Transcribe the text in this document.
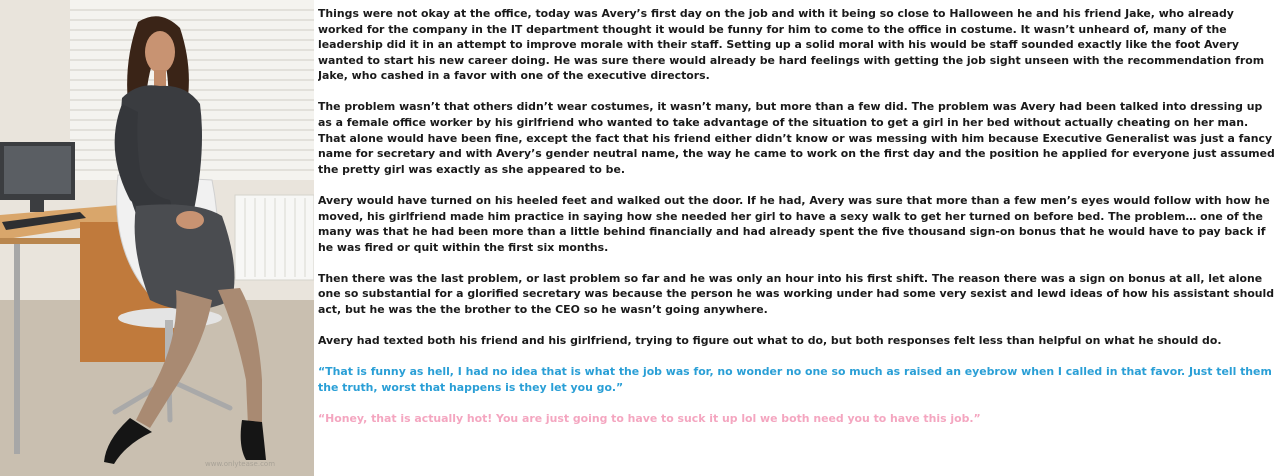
www.onlytease.com

Things were not okay at the office, today was Avery’s first day on the job and with it being so close to Halloween he and his friend Jake, who already worked for the company in the IT department thought it would be funny for him to come to the office in costume. It wasn’t unheard of, many of the leadership did it in an attempt to improve morale with their staff. Setting up a solid moral with his would be staff sounded exactly like the foot Avery wanted to start his new career doing. He was sure there would already be hard feelings with getting the job sight unseen with the recommendation from Jake, who cashed in a favor with one of the executive directors.

The problem wasn’t that others didn’t wear costumes, it wasn’t many, but more than a few did. The problem was Avery had been talked into dressing up as a female office worker by his girlfriend who wanted to take advantage of the situation to get a girl in her bed without actually cheating on her man. That alone would have been fine, except the fact that his friend either didn’t know or was messing with him because Executive Generalist was just a fancy name for secretary and with Avery’s gender neutral name, the way he came to work on the first day and the position he applied for everyone just assumed the pretty girl was exactly as she appeared to be.

Avery would have turned on his heeled feet and walked out the door. If he had, Avery was sure that more than a few men’s eyes would follow with how he moved, his girlfriend made him practice in saying how she needed her girl to have a sexy walk to get her turned on before bed. The problem… one of the many was that he had been more than a little behind financially and had already spent the five thousand sign-on bonus that he would have to pay back if he was fired or quit within the first six months.

Then there was the last problem, or last problem so far and he was only an hour into his first shift. The reason there was a sign on bonus at all, let alone one so substantial for a glorified secretary was because the person he was working under had some very sexist and lewd ideas of how his assistant should act, but he was the the brother to the CEO so he wasn’t going anywhere.

Avery had texted both his friend and his girlfriend, trying to figure out what to do, but both responses felt less than helpful on what he should do.

“That is funny as hell, I had no idea that is what the job was for, no wonder no one so much as raised an eyebrow when I called in that favor. Just tell them the truth, worst that happens is they let you go.”

“Honey, that is actually hot! You are just going to have to suck it up lol we both need you to have this job.”
